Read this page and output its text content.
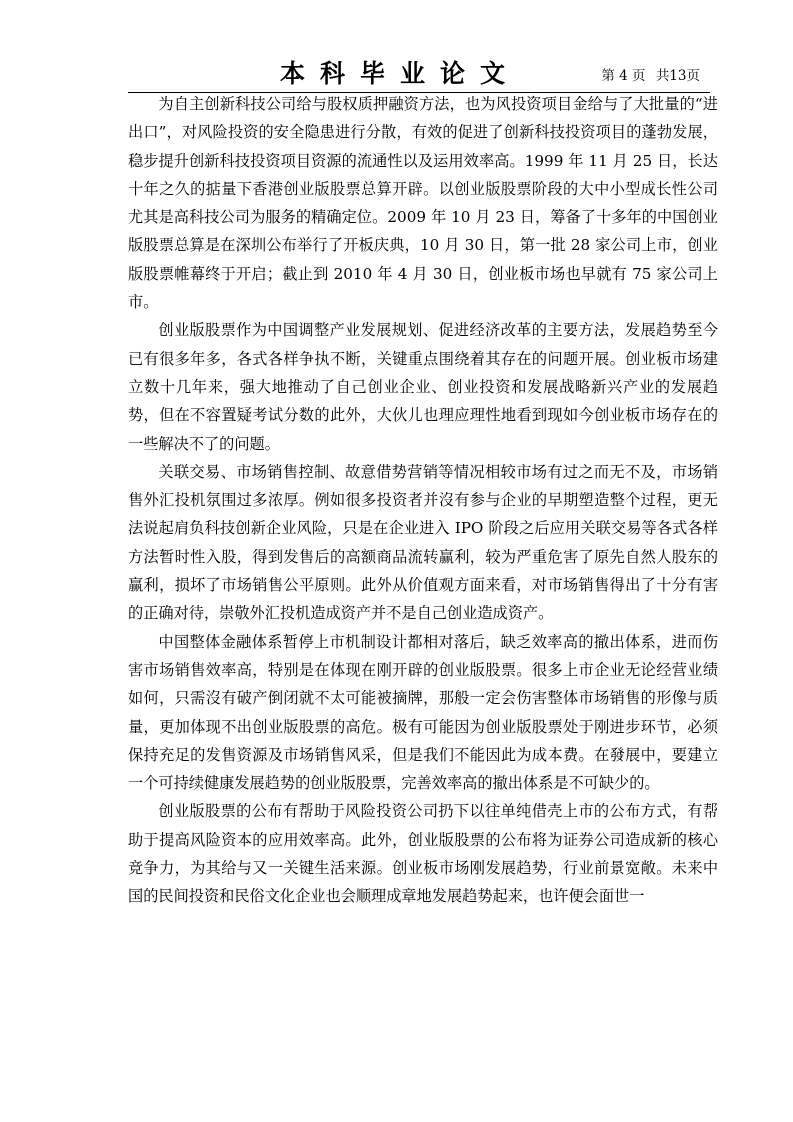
本科毕业论文	第 4 页 共13页

为自主创新科技公司给与股权质押融资方法，也为风投资项目金给与了大批量的“进出口”，对风险投资的安全隐患进行分散，有效的促进了创新科技投资项目的蓬勃发展，稳步提升创新科技投资项目资源的流通性以及运用效率高。1999 年 11 月 25 日，长达十年之久的掂量下香港创业版股票总算开辟。以创业版股票阶段的大中小型成长性公司尤其是高科技公司为服务的精确定位。2009 年 10 月 23 日，筹备了十多年的中国创业版股票总算是在深圳公布举行了开板庆典，10 月 30 日，第一批 28 家公司上市，创业版股票帷幕终于开启；截止到 2010 年 4 月 30 日，创业板市场也早就有 75 家公司上市。

创业版股票作为中国调整产业发展规划、促进经济改革的主要方法，发展趋势至今已有很多年多，各式各样争执不断，关键重点围绕着其存在的问题开展。创业板市场建立数十几年来，强大地推动了自己创业企业、创业投资和发展战略新兴产业的发展趋势，但在不容置疑考试分数的此外，大伙儿也理应理性地看到现如今创业板市场存在的一些解决不了的问题。

关联交易、市场销售控制、故意借势营销等情况相较市场有过之而无不及，市场销售外汇投机氛围过多浓厚。例如很多投资者并沒有参与企业的早期塑造整个过程，更无法说起肩负科技创新企业风险，只是在企业进入 IPO 阶段之后应用关联交易等各式各样方法暂时性入股，得到发售后的高额商品流转赢利，较为严重危害了原先自然人股东的赢利，损坏了市场销售公平原则。此外从价值观方面来看，对市场销售得出了十分有害的正确对待，崇敬外汇投机造成资产并不是自己创业造成资产。

中国整体金融体系暂停上市机制设计都相对落后，缺乏效率高的撤出体系，进而伤害市场销售效率高，特别是在体现在刚开辟的创业版股票。很多上市企业无论经营业绩如何，只需沒有破产倒闭就不太可能被摘牌，那般一定会伤害整体市场销售的形像与质量，更加体现不出创业版股票的高危。极有可能因为创业版股票处于刚进步环节，必须保持充足的发售资源及市场销售风采，但是我们不能因此为成本费。在發展中，要建立一个可持续健康发展趋势的创业版股票，完善效率高的撤出体系是不可缺少的。

创业版股票的公布有帮助于风险投资公司扔下以往单纯借壳上市的公布方式，有帮助于提高风险资本的应用效率高。此外，创业版股票的公布将为证券公司造成新的核心竞争力，为其给与又一关键生活来源。创业板市场刚发展趋势，行业前景宽敞。未来中国的民间投资和民俗文化企业也会顺理成章地发展趋势起来，也许便会面世一
